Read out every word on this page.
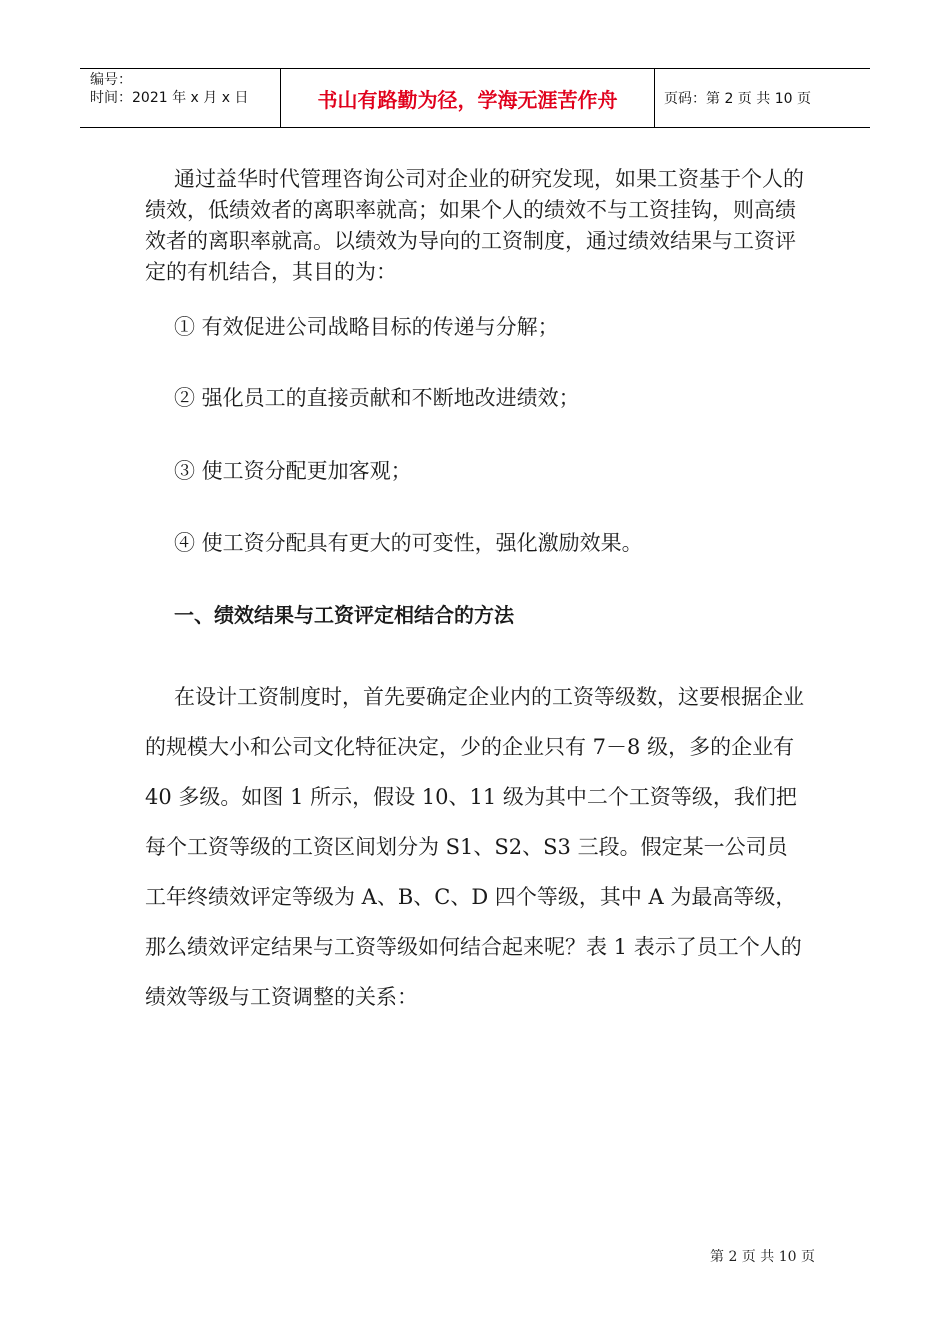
编号：
时间：2021 年 x 月 x 日	书山有路勤为径，学海无涯苦作舟	页码：第 2 页 共 10 页
通过益华时代管理咨询公司对企业的研究发现，如果工资基于个人的绩效，低绩效者的离职率就高；如果个人的绩效不与工资挂钩，则高绩效者的离职率就高。以绩效为导向的工资制度，通过绩效结果与工资评定的有机结合，其目的为：
① 有效促进公司战略目标的传递与分解；
② 强化员工的直接贡献和不断地改进绩效；
③ 使工资分配更加客观；
④ 使工资分配具有更大的可变性，强化激励效果。
一、绩效结果与工资评定相结合的方法
在设计工资制度时，首先要确定企业内的工资等级数，这要根据企业的规模大小和公司文化特征决定，少的企业只有 7－8 级，多的企业有 40 多级。如图 1 所示，假设 10、11 级为其中二个工资等级，我们把每个工资等级的工资区间划分为 S1、S2、S3 三段。假定某一公司员工年终绩效评定等级为 A、B、C、D 四个等级，其中 A 为最高等级，那么绩效评定结果与工资等级如何结合起来呢？表 1 表示了员工个人的绩效等级与工资调整的关系：
第 2 页 共 10 页
